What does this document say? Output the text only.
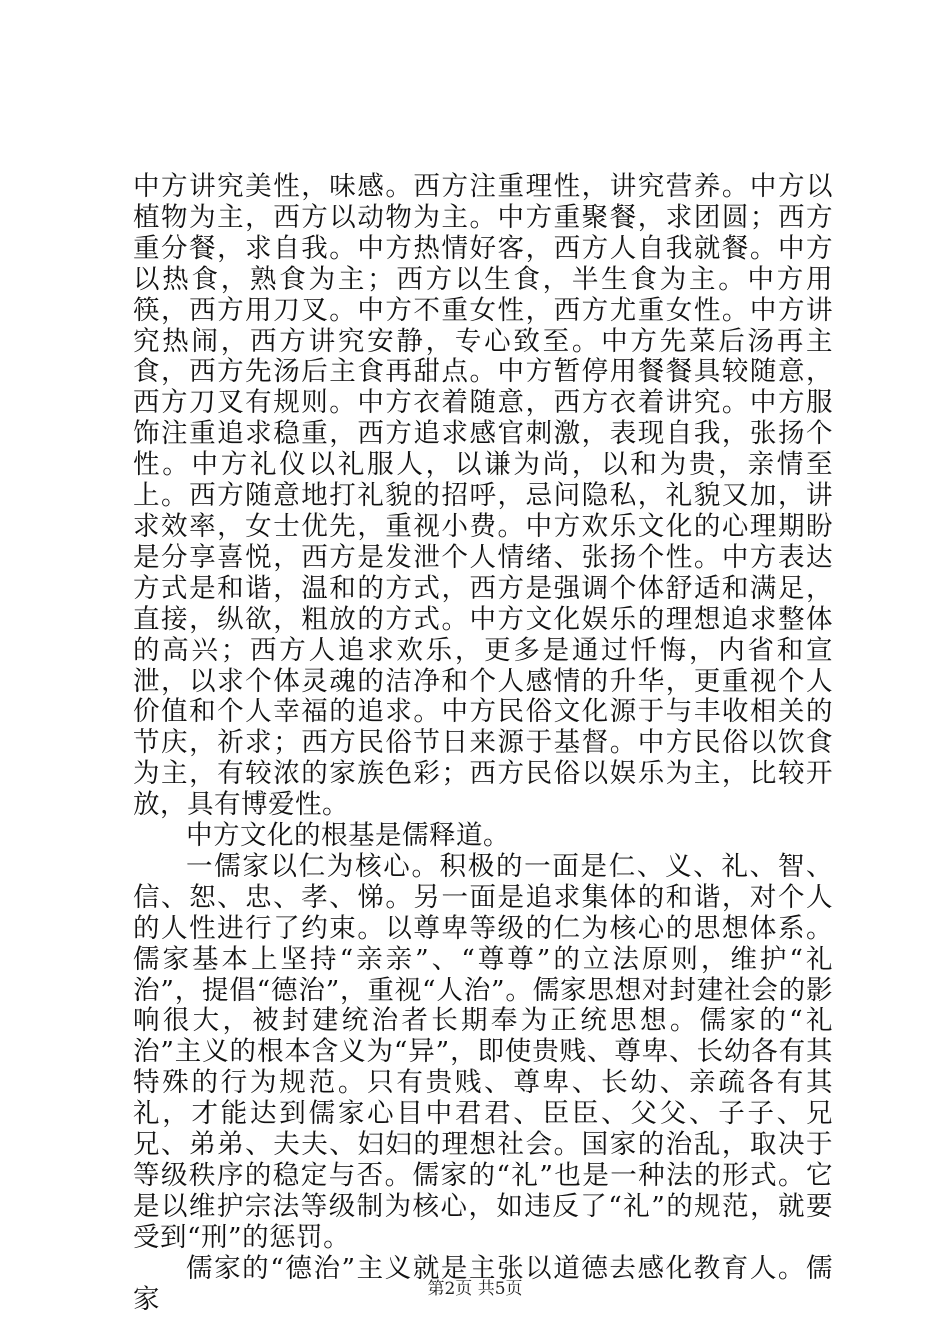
中方讲究美性，味感。西方注重理性，讲究营养。中方以植物为主，西方以动物为主。中方重聚餐，求团圆；西方重分餐，求自我。中方热情好客，西方人自我就餐。中方以热食，熟食为主；西方以生食，半生食为主。中方用筷，西方用刀叉。中方不重女性，西方尤重女性。中方讲究热闹，西方讲究安静，专心致至。中方先菜后汤再主食，西方先汤后主食再甜点。中方暂停用餐餐具较随意，西方刀叉有规则。中方衣着随意，西方衣着讲究。中方服饰注重追求稳重，西方追求感官刺激，表现自我，张扬个性。中方礼仪以礼服人，以谦为尚，以和为贵，亲情至上。西方随意地打礼貌的招呼，忌问隐私，礼貌又加，讲求效率，女士优先，重视小费。中方欢乐文化的心理期盼是分享喜悦，西方是发泄个人情绪、张扬个性。中方表达方式是和谐，温和的方式，西方是强调个体舒适和满足，直接，纵欲，粗放的方式。中方文化娱乐的理想追求整体的高兴；西方人追求欢乐，更多是通过忏悔，内省和宣泄，以求个体灵魂的洁净和个人感情的升华，更重视个人价值和个人幸福的追求。中方民俗文化源于与丰收相关的节庆，祈求；西方民俗节日来源于基督。中方民俗以饮食为主，有较浓的家族色彩；西方民俗以娱乐为主，比较开放，具有博爱性。

中方文化的根基是儒释道。

一儒家以仁为核心。积极的一面是仁、义、礼、智、信、恕、忠、孝、悌。另一面是追求集体的和谐，对个人的人性进行了约束。以尊卑等级的仁为核心的思想体系。儒家基本上坚持“亲亲”、“尊尊”的立法原则，维护“礼治”，提倡“德治”，重视“人治”。儒家思想对封建社会的影响很大，被封建统治者长期奉为正统思想。儒家的“礼治”主义的根本含义为“异”，即使贵贱、尊卑、长幼各有其特殊的行为规范。只有贵贱、尊卑、长幼、亲疏各有其礼，才能达到儒家心目中君君、臣臣、父父、子子、兄兄、弟弟、夫夫、妇妇的理想社会。国家的治乱，取决于等级秩序的稳定与否。儒家的“礼”也是一种法的形式。它是以维护宗法等级制为核心，如违反了“礼”的规范，就要受到“刑”的惩罚。

儒家的“德治”主义就是主张以道德去感化教育人。儒家	第2页 共5页
